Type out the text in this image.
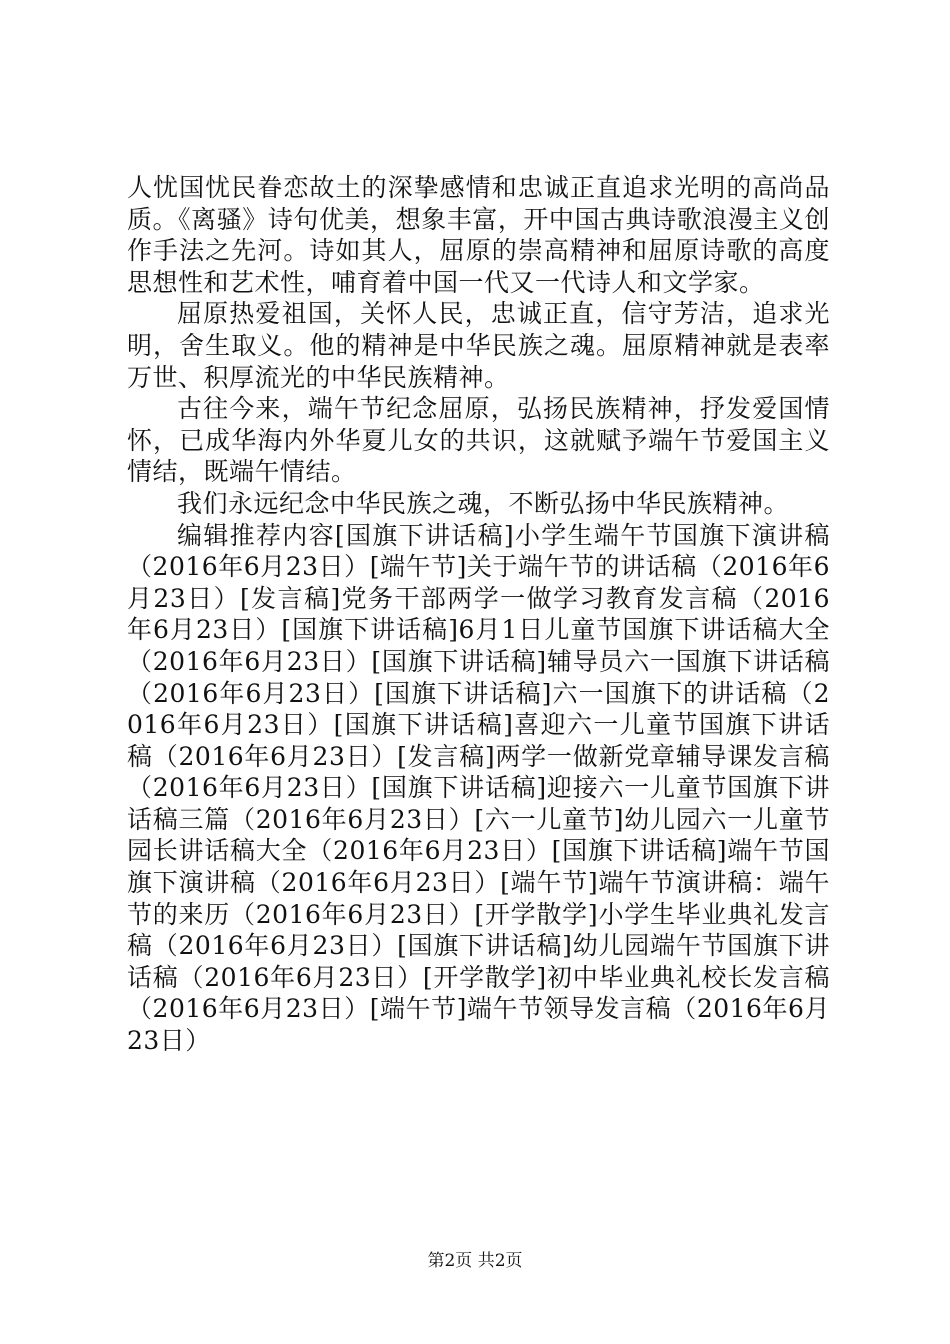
人忧国忧民眷恋故土的深挚感情和忠诚正直追求光明的高尚品质。《离骚》诗句优美，想象丰富，开中国古典诗歌浪漫主义创作手法之先河。诗如其人，屈原的崇高精神和屈原诗歌的高度思想性和艺术性，哺育着中国一代又一代诗人和文学家。

屈原热爱祖国，关怀人民，忠诚正直，信守芳洁，追求光明，舍生取义。他的精神是中华民族之魂。屈原精神就是表率万世、积厚流光的中华民族精神。

古往今来，端午节纪念屈原，弘扬民族精神，抒发爱国情怀，已成华海内外华夏儿女的共识，这就赋予端午节爱国主义情结，既端午情结。

我们永远纪念中华民族之魂，不断弘扬中华民族精神。

编辑推荐内容[国旗下讲话稿]小学生端午节国旗下演讲稿（2016年6月23日）[端午节]关于端午节的讲话稿（2016年6月23日）[发言稿]党务干部两学一做学习教育发言稿（2016年6月23日）[国旗下讲话稿]6月1日儿童节国旗下讲话稿大全（2016年6月23日）[国旗下讲话稿]辅导员六一国旗下讲话稿（2016年6月23日）[国旗下讲话稿]六一国旗下的讲话稿（2016年6月23日）[国旗下讲话稿]喜迎六一儿童节国旗下讲话稿（2016年6月23日）[发言稿]两学一做新党章辅导课发言稿（2016年6月23日）[国旗下讲话稿]迎接六一儿童节国旗下讲话稿三篇（2016年6月23日）[六一儿童节]幼儿园六一儿童节园长讲话稿大全（2016年6月23日）[国旗下讲话稿]端午节国旗下演讲稿（2016年6月23日）[端午节]端午节演讲稿：端午节的来历（2016年6月23日）[开学散学]小学生毕业典礼发言稿（2016年6月23日）[国旗下讲话稿]幼儿园端午节国旗下讲话稿（2016年6月23日）[开学散学]初中毕业典礼校长发言稿（2016年6月23日）[端午节]端午节领导发言稿（2016年6月23日）

第2页 共2页
